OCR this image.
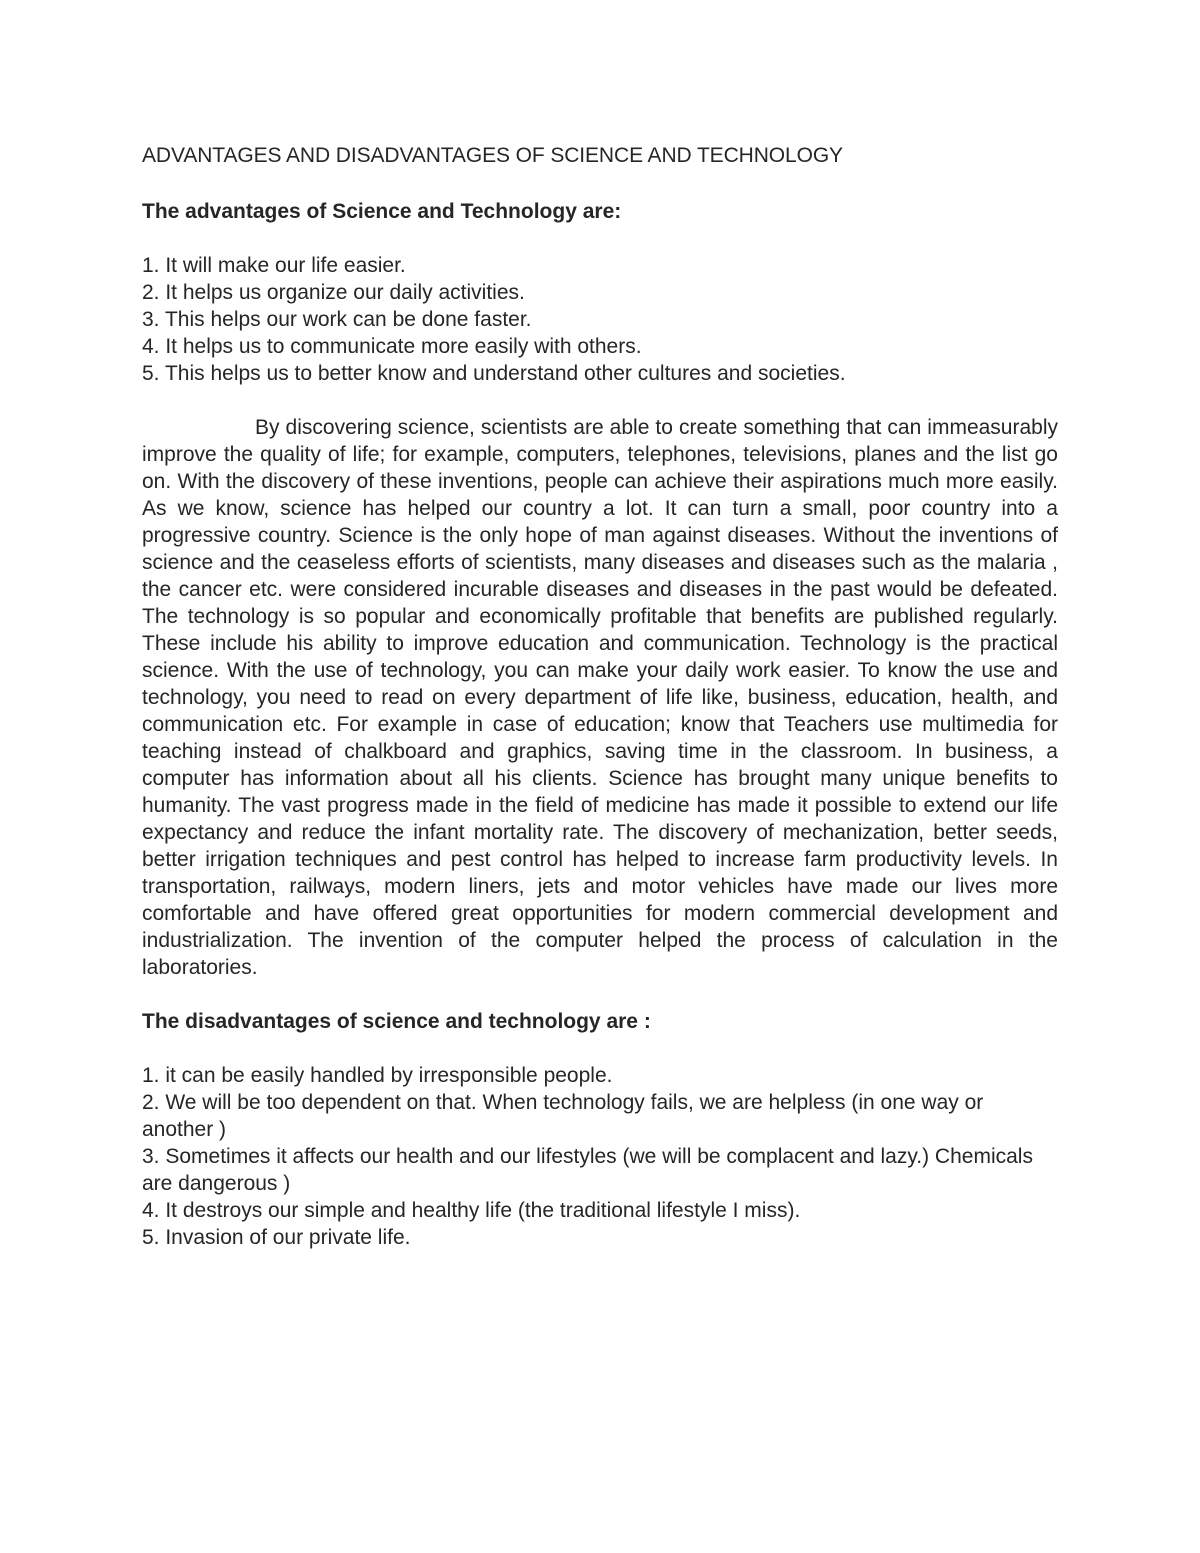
ADVANTAGES AND DISADVANTAGES OF SCIENCE AND TECHNOLOGY
The advantages of Science and Technology are:
1. It will make our life easier.
2. It helps us organize our daily activities.
3. This helps our work can be done faster.
4. It helps us to communicate more easily with others.
5. This helps us to better know and understand other cultures and societies.

By discovering science, scientists are able to create something that can immeasurably improve the quality of life; for example, computers, telephones, televisions, planes and the list go on. With the discovery of these inventions, people can achieve their aspirations much more easily. As we know, science has helped our country a lot. It can turn a small, poor country into a progressive country. Science is the only hope of man against diseases. Without the inventions of science and the ceaseless efforts of scientists, many diseases and diseases such as the malaria , the cancer etc. were considered incurable diseases and diseases in the past would be defeated. The technology is so popular and economically profitable that benefits are published regularly. These include his ability to improve education and communication. Technology is the practical science. With the use of technology, you can make your daily work easier. To know the use and technology, you need to read on every department of life like, business, education, health, and communication etc. For example in case of education; know that Teachers use multimedia for teaching instead of chalkboard and graphics, saving time in the classroom. In business, a computer has information about all his clients. Science has brought many unique benefits to humanity. The vast progress made in the field of medicine has made it possible to extend our life expectancy and reduce the infant mortality rate. The discovery of mechanization, better seeds, better irrigation techniques and pest control has helped to increase farm productivity levels. In transportation, railways, modern liners, jets and motor vehicles have made our lives more comfortable and have offered great opportunities for modern commercial development and industrialization. The invention of the computer helped the process of calculation in the laboratories.

The disadvantages of science and technology are :
1. it can be easily handled by irresponsible people.
2. We will be too dependent on that. When technology fails, we are helpless (in one way or another )
3. Sometimes it affects our health and our lifestyles (we will be complacent and lazy.) Chemicals are dangerous )
4. It destroys our simple and healthy life (the traditional lifestyle I miss).
5. Invasion of our private life.
